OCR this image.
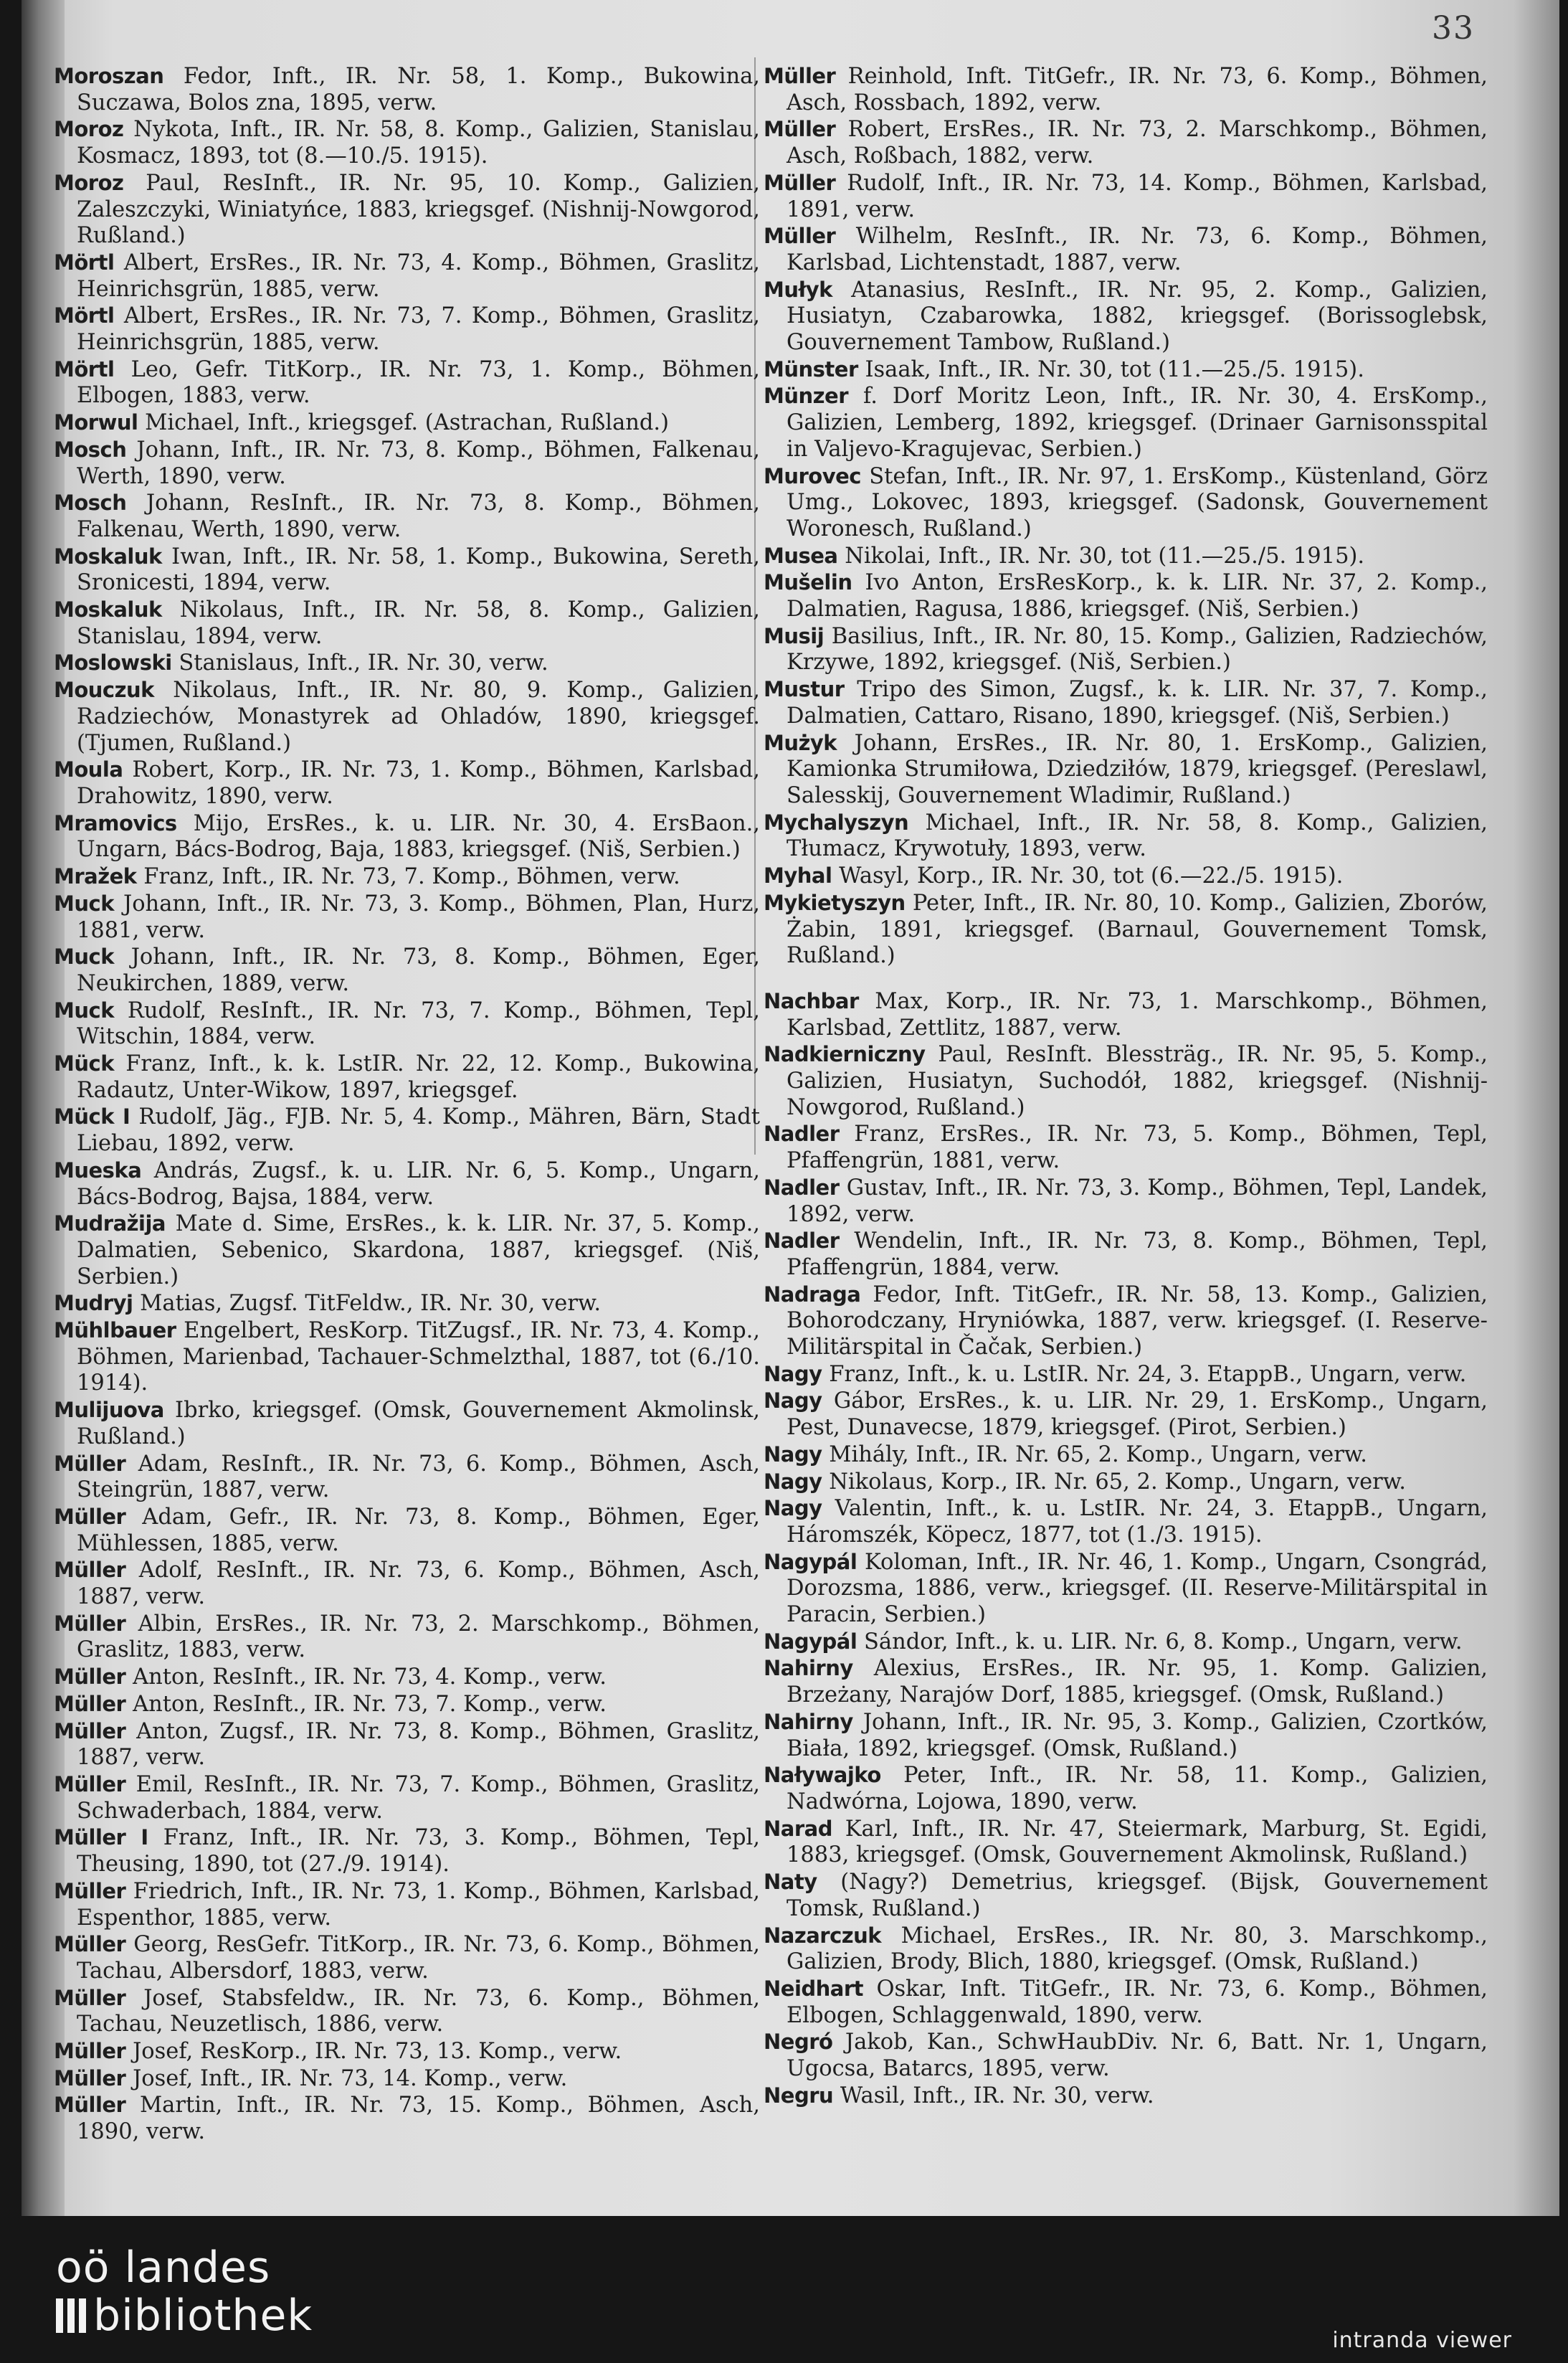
33

Moroszan Fedor, Inft., IR. Nr. 58, 1. Komp., Bukowina, Suczawa, Bolos zna, 1895, verw.

Moroz Nykota, Inft., IR. Nr. 58, 8. Komp., Galizien, Stanislau, Kosmacz, 1893, tot (8.—10./5. 1915).

Moroz Paul, ResInft., IR. Nr. 95, 10. Komp., Galizien, Zaleszczyki, Winiatyńce, 1883, kriegsgef. (Nishnij-Nowgorod, Rußland.)

Mörtl Albert, ErsRes., IR. Nr. 73, 4. Komp., Böhmen, Graslitz, Heinrichsgrün, 1885, verw.

Mörtl Albert, ErsRes., IR. Nr. 73, 7. Komp., Böhmen, Graslitz, Heinrichsgrün, 1885, verw.

Mörtl Leo, Gefr. TitKorp., IR. Nr. 73, 1. Komp., Böhmen, Elbogen, 1883, verw.

Morwul Michael, Inft., kriegsgef. (Astrachan, Rußland.)

Mosch Johann, Inft., IR. Nr. 73, 8. Komp., Böhmen, Falkenau, Werth, 1890, verw.

Mosch Johann, ResInft., IR. Nr. 73, 8. Komp., Böhmen, Falkenau, Werth, 1890, verw.

Moskaluk Iwan, Inft., IR. Nr. 58, 1. Komp., Bukowina, Sereth, Sronicesti, 1894, verw.

Moskaluk Nikolaus, Inft., IR. Nr. 58, 8. Komp., Galizien, Stanislau, 1894, verw.

Moslowski Stanislaus, Inft., IR. Nr. 30, verw.

Mouczuk Nikolaus, Inft., IR. Nr. 80, 9. Komp., Galizien, Radziechów, Monastyrek ad Ohladów, 1890, kriegsgef. (Tjumen, Rußland.)

Moula Robert, Korp., IR. Nr. 73, 1. Komp., Böhmen, Karlsbad, Drahowitz, 1890, verw.

Mramovics Mijo, ErsRes., k. u. LIR. Nr. 30, 4. ErsBaon., Ungarn, Bács-Bodrog, Baja, 1883, kriegsgef. (Niš, Serbien.)

Mražek Franz, Inft., IR. Nr. 73, 7. Komp., Böhmen, verw.

Muck Johann, Inft., IR. Nr. 73, 3. Komp., Böhmen, Plan, Hurz, 1881, verw.

Muck Johann, Inft., IR. Nr. 73, 8. Komp., Böhmen, Eger, Neukirchen, 1889, verw.

Muck Rudolf, ResInft., IR. Nr. 73, 7. Komp., Böhmen, Tepl, Witschin, 1884, verw.

Mück Franz, Inft., k. k. LstIR. Nr. 22, 12. Komp., Bukowina, Radautz, Unter-Wikow, 1897, kriegsgef.

Mück I Rudolf, Jäg., FJB. Nr. 5, 4. Komp., Mähren, Bärn, Stadt Liebau, 1892, verw.

Mueska András, Zugsf., k. u. LIR. Nr. 6, 5. Komp., Ungarn, Bács-Bodrog, Bajsa, 1884, verw.

Mudražija Mate d. Sime, ErsRes., k. k. LIR. Nr. 37, 5. Komp., Dalmatien, Sebenico, Skardona, 1887, kriegsgef. (Niš, Serbien.)

Mudryj Matias, Zugsf. TitFeldw., IR. Nr. 30, verw.

Mühlbauer Engelbert, ResKorp. TitZugsf., IR. Nr. 73, 4. Komp., Böhmen, Marienbad, Tachauer-Schmelzthal, 1887, tot (6./10. 1914).

Mulijuova Ibrko, kriegsgef. (Omsk, Gouvernement Akmolinsk, Rußland.)

Müller Adam, ResInft., IR. Nr. 73, 6. Komp., Böhmen, Asch, Steingrün, 1887, verw.

Müller Adam, Gefr., IR. Nr. 73, 8. Komp., Böhmen, Eger, Mühlessen, 1885, verw.

Müller Adolf, ResInft., IR. Nr. 73, 6. Komp., Böhmen, Asch, 1887, verw.

Müller Albin, ErsRes., IR. Nr. 73, 2. Marschkomp., Böhmen, Graslitz, 1883, verw.

Müller Anton, ResInft., IR. Nr. 73, 4. Komp., verw.

Müller Anton, ResInft., IR. Nr. 73, 7. Komp., verw.

Müller Anton, Zugsf., IR. Nr. 73, 8. Komp., Böhmen, Graslitz, 1887, verw.

Müller Emil, ResInft., IR. Nr. 73, 7. Komp., Böhmen, Graslitz, Schwaderbach, 1884, verw.

Müller I Franz, Inft., IR. Nr. 73, 3. Komp., Böhmen, Tepl, Theusing, 1890, tot (27./9. 1914).

Müller Friedrich, Inft., IR. Nr. 73, 1. Komp., Böhmen, Karlsbad, Espenthor, 1885, verw.

Müller Georg, ResGefr. TitKorp., IR. Nr. 73, 6. Komp., Böhmen, Tachau, Albersdorf, 1883, verw.

Müller Josef, Stabsfeldw., IR. Nr. 73, 6. Komp., Böhmen, Tachau, Neuzetlisch, 1886, verw.

Müller Josef, ResKorp., IR. Nr. 73, 13. Komp., verw.

Müller Josef, Inft., IR. Nr. 73, 14. Komp., verw.

Müller Martin, Inft., IR. Nr. 73, 15. Komp., Böhmen, Asch, 1890, verw.

Müller Reinhold, Inft. TitGefr., IR. Nr. 73, 6. Komp., Böhmen, Asch, Rossbach, 1892, verw.

Müller Robert, ErsRes., IR. Nr. 73, 2. Marschkomp., Böhmen, Asch, Roßbach, 1882, verw.

Müller Rudolf, Inft., IR. Nr. 73, 14. Komp., Böhmen, Karlsbad, 1891, verw.

Müller Wilhelm, ResInft., IR. Nr. 73, 6. Komp., Böhmen, Karlsbad, Lichtenstadt, 1887, verw.

Mułyk Atanasius, ResInft., IR. Nr. 95, 2. Komp., Galizien, Husiatyn, Czabarowka, 1882, kriegsgef. (Borissoglebsk, Gouvernement Tambow, Rußland.)

Münster Isaak, Inft., IR. Nr. 30, tot (11.—25./5. 1915).

Münzer f. Dorf Moritz Leon, Inft., IR. Nr. 30, 4. ErsKomp., Galizien, Lemberg, 1892, kriegsgef. (Drinaer Garnisonsspital in Valjevo-Kragujevac, Serbien.)

Murovec Stefan, Inft., IR. Nr. 97, 1. ErsKomp., Küstenland, Görz Umg., Lokovec, 1893, kriegsgef. (Sadonsk, Gouvernement Woronesch, Rußland.)

Musea Nikolai, Inft., IR. Nr. 30, tot (11.—25./5. 1915).

Mušelin Ivo Anton, ErsResKorp., k. k. LIR. Nr. 37, 2. Komp., Dalmatien, Ragusa, 1886, kriegsgef. (Niš, Serbien.)

Musij Basilius, Inft., IR. Nr. 80, 15. Komp., Galizien, Radziechów, Krzywe, 1892, kriegsgef. (Niš, Serbien.)

Mustur Tripo des Simon, Zugsf., k. k. LIR. Nr. 37, 7. Komp., Dalmatien, Cattaro, Risano, 1890, kriegsgef. (Niš, Serbien.)

Mużyk Johann, ErsRes., IR. Nr. 80, 1. ErsKomp., Galizien, Kamionka Strumiłowa, Dziedziłów, 1879, kriegsgef. (Pereslawl, Salesskij, Gouvernement Wladimir, Rußland.)

Mychalyszyn Michael, Inft., IR. Nr. 58, 8. Komp., Galizien, Tłumacz, Krywotuły, 1893, verw.

Myhal Wasyl, Korp., IR. Nr. 30, tot (6.—22./5. 1915).

Mykietyszyn Peter, Inft., IR. Nr. 80, 10. Komp., Galizien, Zborów, Żabin, 1891, kriegsgef. (Barnaul, Gouvernement Tomsk, Rußland.)

Nachbar Max, Korp., IR. Nr. 73, 1. Marschkomp., Böhmen, Karlsbad, Zettlitz, 1887, verw.

Nadkierniczny Paul, ResInft. Blessträg., IR. Nr. 95, 5. Komp., Galizien, Husiatyn, Suchodół, 1882, kriegsgef. (Nishnij-Nowgorod, Rußland.)

Nadler Franz, ErsRes., IR. Nr. 73, 5. Komp., Böhmen, Tepl, Pfaffengrün, 1881, verw.

Nadler Gustav, Inft., IR. Nr. 73, 3. Komp., Böhmen, Tepl, Landek, 1892, verw.

Nadler Wendelin, Inft., IR. Nr. 73, 8. Komp., Böhmen, Tepl, Pfaffengrün, 1884, verw.

Nadraga Fedor, Inft. TitGefr., IR. Nr. 58, 13. Komp., Galizien, Bohorodczany, Hryniówka, 1887, verw. kriegsgef. (I. Reserve-Militärspital in Čačak, Serbien.)

Nagy Franz, Inft., k. u. LstIR. Nr. 24, 3. EtappB., Ungarn, verw.

Nagy Gábor, ErsRes., k. u. LIR. Nr. 29, 1. ErsKomp., Ungarn, Pest, Dunavecse, 1879, kriegsgef. (Pirot, Serbien.)

Nagy Mihály, Inft., IR. Nr. 65, 2. Komp., Ungarn, verw.

Nagy Nikolaus, Korp., IR. Nr. 65, 2. Komp., Ungarn, verw.

Nagy Valentin, Inft., k. u. LstIR. Nr. 24, 3. EtappB., Ungarn, Háromszék, Köpecz, 1877, tot (1./3. 1915).

Nagypál Koloman, Inft., IR. Nr. 46, 1. Komp., Ungarn, Csongrád, Dorozsma, 1886, verw., kriegsgef. (II. Reserve-Militärspital in Paracin, Serbien.)

Nagypál Sándor, Inft., k. u. LIR. Nr. 6, 8. Komp., Ungarn, verw.

Nahirny Alexius, ErsRes., IR. Nr. 95, 1. Komp. Galizien, Brzeżany, Narajów Dorf, 1885, kriegsgef. (Omsk, Rußland.)

Nahirny Johann, Inft., IR. Nr. 95, 3. Komp., Galizien, Czortków, Biała, 1892, kriegsgef. (Omsk, Rußland.)

Naływajko Peter, Inft., IR. Nr. 58, 11. Komp., Galizien, Nadwórna, Lojowa, 1890, verw.

Narad Karl, Inft., IR. Nr. 47, Steiermark, Marburg, St. Egidi, 1883, kriegsgef. (Omsk, Gouvernement Akmolinsk, Rußland.)

Naty (Nagy?) Demetrius, kriegsgef. (Bijsk, Gouvernement Tomsk, Rußland.)

Nazarczuk Michael, ErsRes., IR. Nr. 80, 3. Marschkomp., Galizien, Brody, Blich, 1880, kriegsgef. (Omsk, Rußland.)

Neidhart Oskar, Inft. TitGefr., IR. Nr. 73, 6. Komp., Böhmen, Elbogen, Schlaggenwald, 1890, verw.

Negró Jakob, Kan., SchwHaubDiv. Nr. 6, Batt. Nr. 1, Ungarn, Ugocsa, Batarcs, 1895, verw.

Negru Wasil, Inft., IR. Nr. 30, verw.

oö landes
bibliothek	intranda viewer
